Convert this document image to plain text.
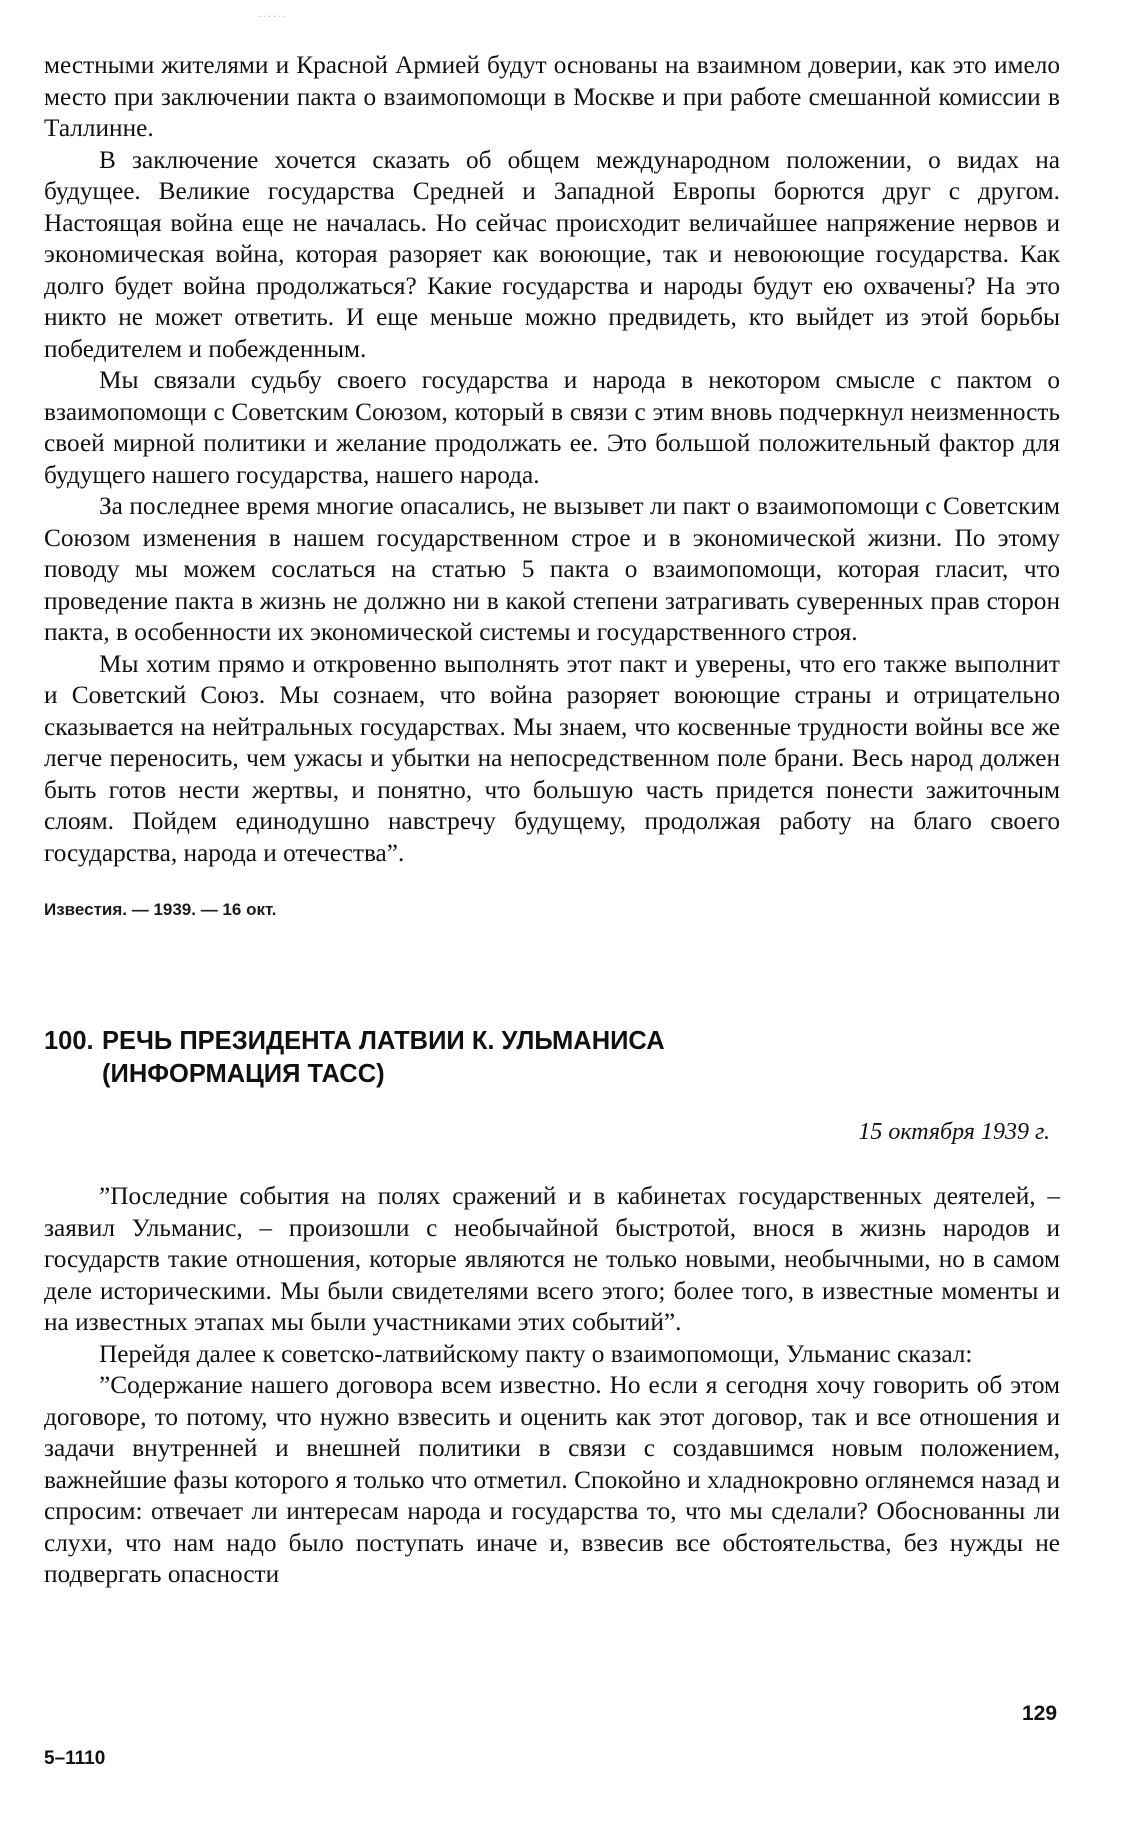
......

местными жителями и Красной Армией будут основаны на взаимном доверии, как это имело место при заключении пакта о взаимопомощи в Москве и при работе смешанной комиссии в Таллинне.

В заключение хочется сказать об общем международном положении, о видах на будущее. Великие государства Средней и Западной Европы борются друг с другом. Настоящая война еще не началась. Но сейчас происходит величайшее напряжение нервов и экономическая война, которая разоряет как воюющие, так и невоюющие государства. Как долго будет война продолжаться? Какие государства и народы будут ею охвачены? На это никто не может ответить. И еще меньше можно предвидеть, кто выйдет из этой борьбы победителем и побежденным.

Мы связали судьбу своего государства и народа в некотором смысле с пактом о взаимопомощи с Советским Союзом, который в связи с этим вновь подчеркнул неизменность своей мирной политики и желание продолжать ее. Это большой положительный фактор для будущего нашего государства, нашего народа.

За последнее время многие опасались, не вызывет ли пакт о взаимопомощи с Советским Союзом изменения в нашем государственном строе и в экономической жизни. По этому поводу мы можем сослаться на статью 5 пакта о взаимопомощи, которая гласит, что проведение пакта в жизнь не должно ни в какой степени затрагивать суверенных прав сторон пакта, в особенности их экономической системы и государственного строя.

Мы хотим прямо и откровенно выполнять этот пакт и уверены, что его также выполнит и Советский Союз. Мы сознаем, что война разоряет воюющие страны и отрицательно сказывается на нейтральных государствах. Мы знаем, что косвенные трудности войны все же легче переносить, чем ужасы и убытки на непосредственном поле брани. Весь народ должен быть готов нести жертвы, и понятно, что большую часть придется понести зажиточным слоям. Пойдем единодушно навстречу будущему, продолжая работу на благо своего государства, народа и отечества”.

Известия. — 1939. — 16 окт.
100. РЕЧЬ ПРЕЗИДЕНТА ЛАТВИИ К. УЛЬМАНИСА
(ИНФОРМАЦИЯ ТАСС)
15 октября 1939 г.

”Последние события на полях сражений и в кабинетах государственных деятелей, – заявил Ульманис, – произошли с необычайной быстротой, внося в жизнь народов и государств такие отношения, которые являются не только новыми, необычными, но в самом деле историческими. Мы были свидетелями всего этого; более того, в известные моменты и на известных этапах мы были участниками этих событий”.

Перейдя далее к советско-латвийскому пакту о взаимопомощи, Ульманис сказал:

”Содержание нашего договора всем известно. Но если я сегодня хочу говорить об этом договоре, то потому, что нужно взвесить и оценить как этот договор, так и все отношения и задачи внутренней и внешней политики в связи с создавшимся новым положением, важнейшие фазы которого я только что отметил. Спокойно и хладнокровно оглянемся назад и спросим: отвечает ли интересам народа и государства то, что мы сделали? Обоснованны ли слухи, что нам надо было поступать иначе и, взвесив все обстоятельства, без нужды не подвергать опасности

129
5–1110
